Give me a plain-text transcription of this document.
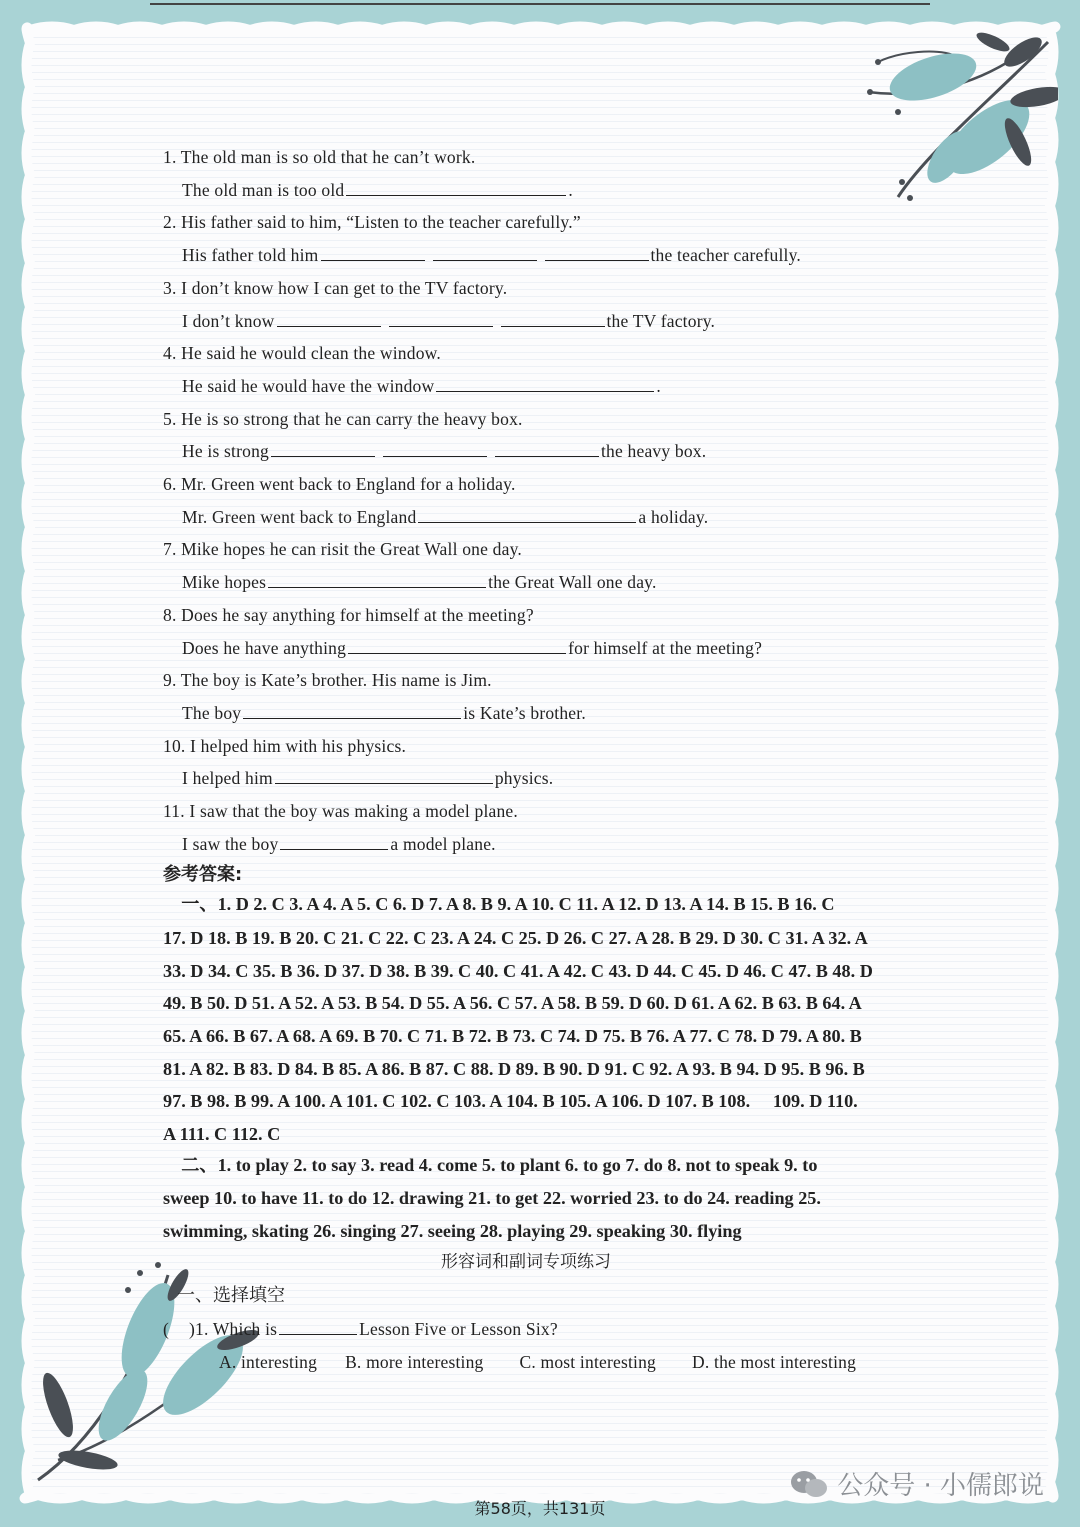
1. The old man is so old that he can’t work.
The old man is too old	.
2. His father said to him, “Listen to the teacher carefully.”
His father told him	the teacher carefully.
3. I don’t know how I can get to the TV factory.
I don’t know	the TV factory.
4. He said he would clean the window.
He said he would have the window	.
5. He is so strong that he can carry the heavy box.
He is strong	the heavy box.
6. Mr. Green went back to England for a holiday.
Mr. Green went back to England	a holiday.
7. Mike hopes he can risit the Great Wall one day.
Mike hopes	the Great Wall one day.
8. Does he say anything for himself at the meeting?
Does he have anything	for himself at the meeting?
9. The boy is Kate’s brother. His name is Jim.
The boy	is Kate’s brother.
10. I helped him with his physics.
I helped him	physics.
11. I saw that the boy was making a model plane.
I saw the boy	a model plane.
参考答案:
　一、1. D 2. C 3. A 4. A 5. C 6. D 7. A 8. B 9. A 10. C 11. A 12. D 13. A 14. B 15. B 16. C
17. D 18. B 19. B 20. C 21. C 22. C 23. A 24. C 25. D 26. C 27. A 28. B 29. D 30. C 31. A 32. A
33. D 34. C 35. B 36. D 37. D 38. B 39. C 40. C 41. A 42. C 43. D 44. C 45. D 46. C 47. B 48. D
49. B 50. D 51. A 52. A 53. B 54. D 55. A 56. C 57. A 58. B 59. D 60. D 61. A 62. B 63. B 64. A
65. A 66. B 67. A 68. A 69. B 70. C 71. B 72. B 73. C 74. D 75. B 76. A 77. C 78. D 79. A 80. B
81. A 82. B 83. D 84. B 85. A 86. B 87. C 88. D 89. B 90. D 91. C 92. A 93. B 94. D 95. B 96. B
97. B 98. B 99. A 100. A 101. C 102. C 103. A 104. B 105. A 106. D 107. B 108.     109. D 110.
A 111. C 112. C
　二、1. to play 2. to say 3. read 4. come 5. to plant 6. to go 7. do 8. not to speak 9. to
sweep 10. to have 11. to do 12. drawing 21. to get 22. worried 23. to do 24. reading 25.
swimming, skating 26. singing 27. seeing 28. playing 29. speaking 30. flying
形容词和副词专项练习
一、选择填空
( )1. Which is	Lesson Five or Lesson Six?
A. interesting B. more interesting C. most interesting D. the most interesting
公众号 · 小儒郎说
第58页，共131页
